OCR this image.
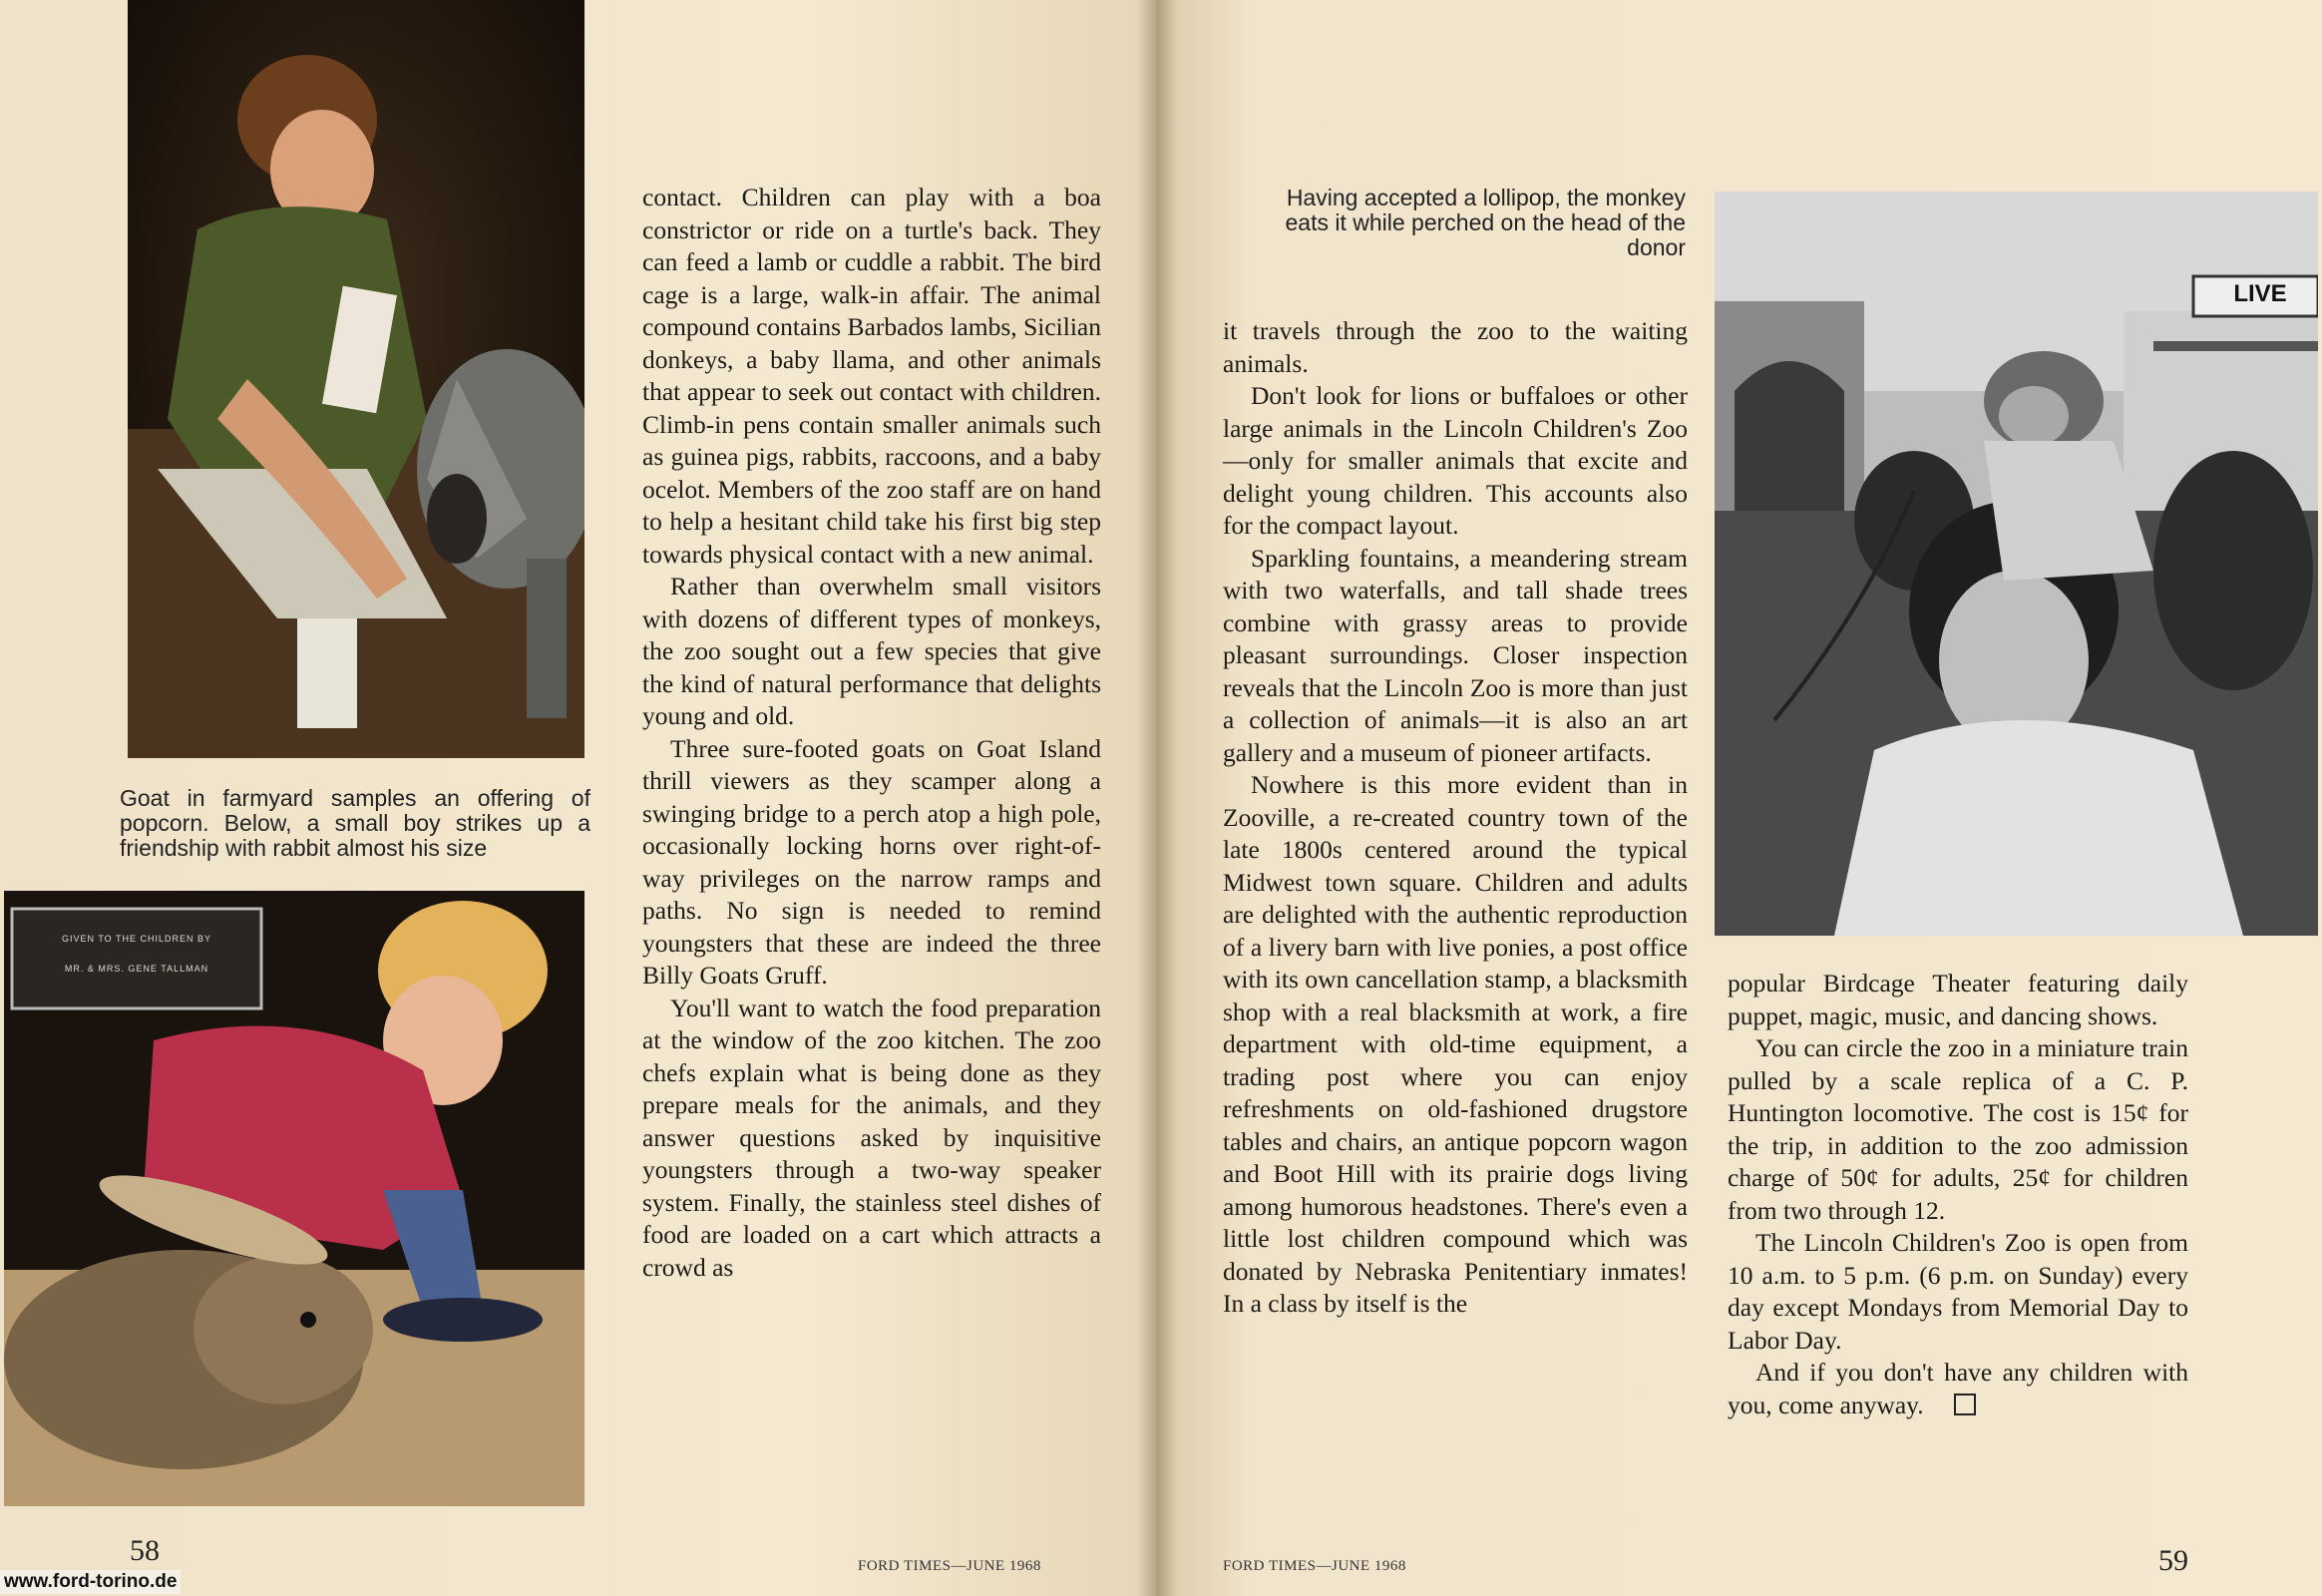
Goat in farmyard samples an offering of popcorn. Below, a small boy strikes up a friendship with rabbit almost his size
GIVEN TO THE CHILDREN BY
MR. & MRS. GENE TALLMAN

contact. Children can play with a boa constrictor or ride on a turtle's back. They can feed a lamb or cuddle a rabbit. The bird cage is a large, walk-in affair. The animal compound contains Barbados lambs, Sicilian donkeys, a baby llama, and other animals that appear to seek out contact with children. Climb-in pens contain smaller animals such as guinea pigs, rabbits, raccoons, and a baby ocelot. Members of the zoo staff are on hand to help a hesitant child take his first big step towards physical contact with a new animal.

Rather than overwhelm small visitors with dozens of different types of monkeys, the zoo sought out a few species that give the kind of natural performance that delights young and old.

Three sure-footed goats on Goat Island thrill viewers as they scamper along a swinging bridge to a perch atop a high pole, occasionally locking horns over right-of-way privileges on the narrow ramps and paths. No sign is needed to remind youngsters that these are indeed the three Billy Goats Gruff.

You'll want to watch the food preparation at the window of the zoo kitchen. The zoo chefs explain what is being done as they prepare meals for the animals, and they answer questions asked by inquisitive youngsters through a two-way speaker system. Finally, the stainless steel dishes of food are loaded on a cart which attracts a crowd as

58	FORD TIMES—JUNE 1968
www.ford-torino.de
Having accepted a lollipop, the monkey eats it while perched on the head of the donor
LIVE

it travels through the zoo to the waiting animals.

Don't look for lions or buffaloes or other large animals in the Lincoln Children's Zoo—only for smaller animals that excite and delight young children. This accounts also for the compact layout.

Sparkling fountains, a meandering stream with two waterfalls, and tall shade trees combine with grassy areas to provide pleasant surroundings. Closer inspection reveals that the Lincoln Zoo is more than just a collection of animals—it is also an art gallery and a museum of pioneer artifacts.

Nowhere is this more evident than in Zooville, a re-created country town of the late 1800s centered around the typical Midwest town square. Children and adults are delighted with the authentic reproduction of a livery barn with live ponies, a post office with its own cancellation stamp, a blacksmith shop with a real blacksmith at work, a fire department with old-time equipment, a trading post where you can enjoy refreshments on old-fashioned drugstore tables and chairs, an antique popcorn wagon and Boot Hill with its prairie dogs living among humorous headstones. There's even a little lost children compound which was donated by Nebraska Penitentiary inmates! In a class by itself is the

popular Birdcage Theater featuring daily puppet, magic, music, and dancing shows.

You can circle the zoo in a miniature train pulled by a scale replica of a C. P. Huntington locomotive. The cost is 15¢ for the trip, in addition to the zoo admission charge of 50¢ for adults, 25¢ for children from two through 12.

The Lincoln Children's Zoo is open from 10 a.m. to 5 p.m. (6 p.m. on Sunday) every day except Mondays from Memorial Day to Labor Day.

And if you don't have any children with you, come anyway.

FORD TIMES—JUNE 1968	59
